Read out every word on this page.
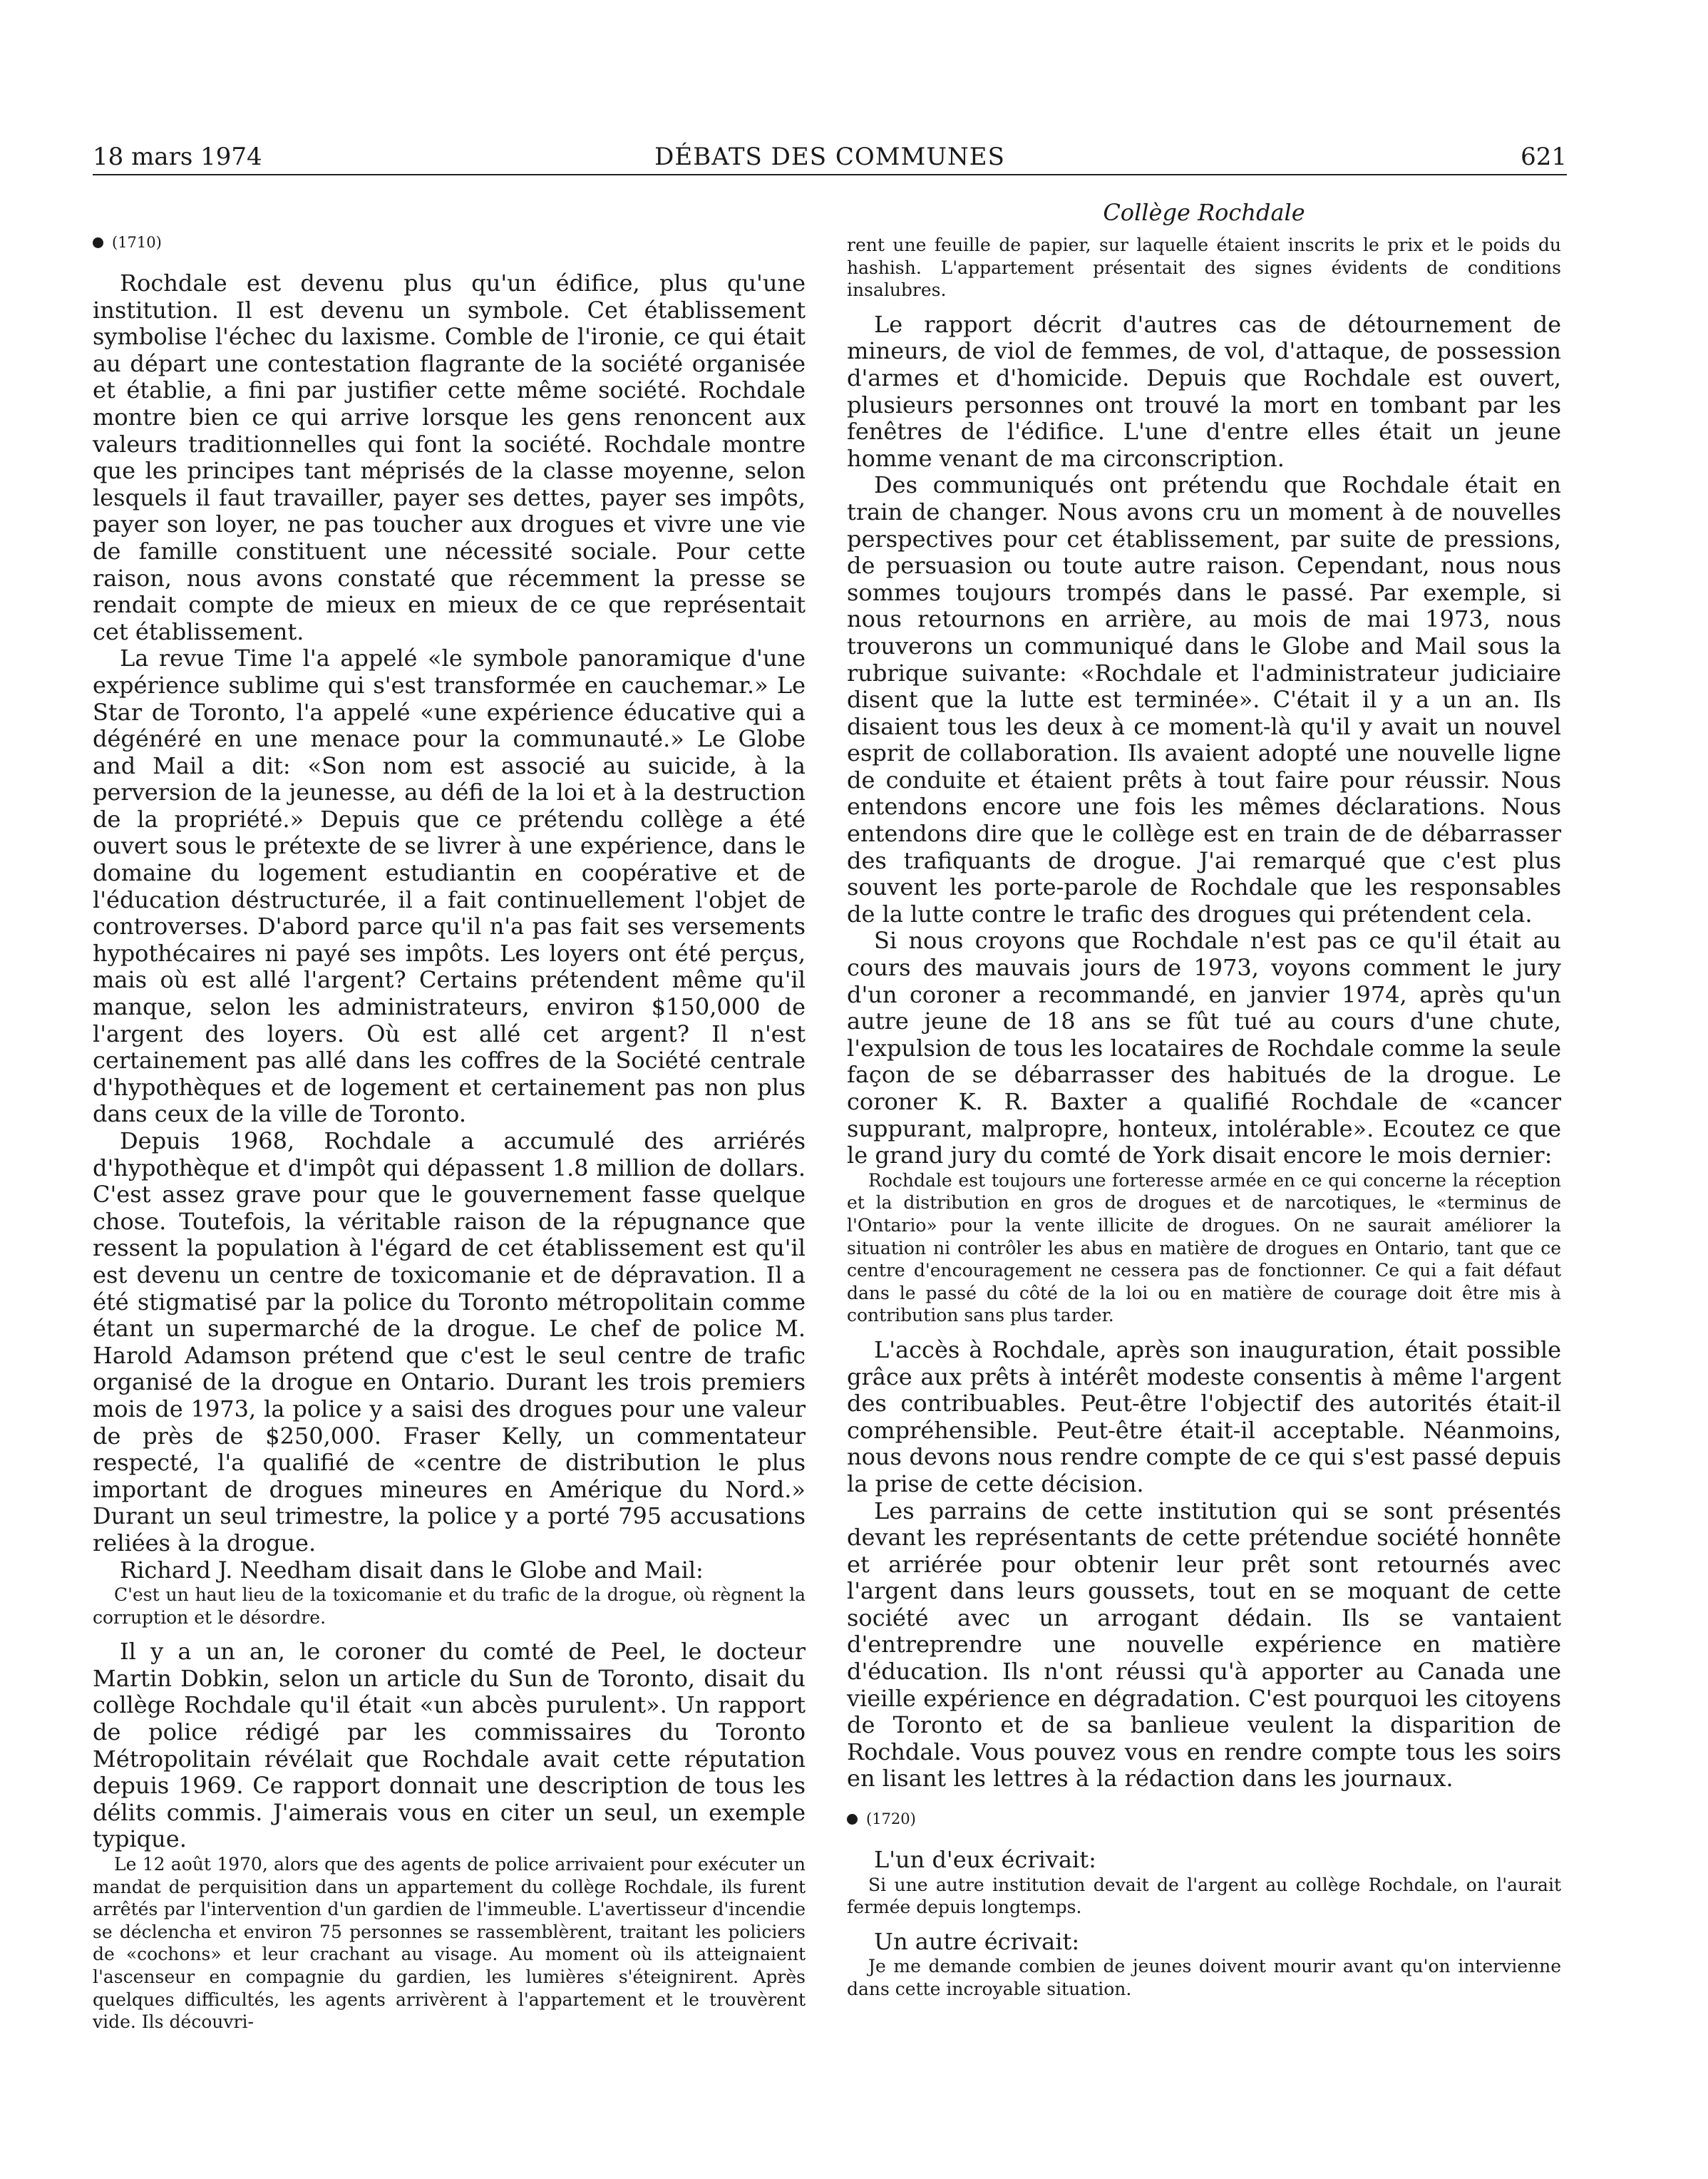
18 mars 1974	DÉBATS DES COMMUNES	621
(1710)

Rochdale est devenu plus qu'un édifice, plus qu'une institution. Il est devenu un symbole. Cet établissement symbolise l'échec du laxisme. Comble de l'ironie, ce qui était au départ une contestation flagrante de la société organisée et établie, a fini par justifier cette même société. Rochdale montre bien ce qui arrive lorsque les gens renoncent aux valeurs traditionnelles qui font la société. Rochdale montre que les principes tant méprisés de la classe moyenne, selon lesquels il faut travailler, payer ses dettes, payer ses impôts, payer son loyer, ne pas toucher aux drogues et vivre une vie de famille constituent une nécessité sociale. Pour cette raison, nous avons constaté que récemment la presse se rendait compte de mieux en mieux de ce que représentait cet établissement.

La revue Time l'a appelé «le symbole panoramique d'une expérience sublime qui s'est transformée en cauchemar.» Le Star de Toronto, l'a appelé «une expérience éducative qui a dégénéré en une menace pour la communauté.» Le Globe and Mail a dit: «Son nom est associé au suicide, à la perversion de la jeunesse, au défi de la loi et à la destruction de la propriété.» Depuis que ce prétendu collège a été ouvert sous le prétexte de se livrer à une expérience, dans le domaine du logement estudiantin en coopérative et de l'éducation déstructurée, il a fait continuellement l'objet de controverses. D'abord parce qu'il n'a pas fait ses versements hypothécaires ni payé ses impôts. Les loyers ont été perçus, mais où est allé l'argent? Certains prétendent même qu'il manque, selon les administrateurs, environ $150,000 de l'argent des loyers. Où est allé cet argent? Il n'est certainement pas allé dans les coffres de la Société centrale d'hypothèques et de logement et certainement pas non plus dans ceux de la ville de Toronto.

Depuis 1968, Rochdale a accumulé des arriérés d'hypothèque et d'impôt qui dépassent 1.8 million de dollars. C'est assez grave pour que le gouvernement fasse quelque chose. Toutefois, la véritable raison de la répugnance que ressent la population à l'égard de cet établissement est qu'il est devenu un centre de toxicomanie et de dépravation. Il a été stigmatisé par la police du Toronto métropolitain comme étant un supermarché de la drogue. Le chef de police M. Harold Adamson prétend que c'est le seul centre de trafic organisé de la drogue en Ontario. Durant les trois premiers mois de 1973, la police y a saisi des drogues pour une valeur de près de $250,000. Fraser Kelly, un commentateur respecté, l'a qualifié de «centre de distribution le plus important de drogues mineures en Amérique du Nord.» Durant un seul trimestre, la police y a porté 795 accusations reliées à la drogue.

Richard J. Needham disait dans le Globe and Mail:

C'est un haut lieu de la toxicomanie et du trafic de la drogue, où règnent la corruption et le désordre.

Il y a un an, le coroner du comté de Peel, le docteur Martin Dobkin, selon un article du Sun de Toronto, disait du collège Rochdale qu'il était «un abcès purulent». Un rapport de police rédigé par les commissaires du Toronto Métropolitain révélait que Rochdale avait cette réputation depuis 1969. Ce rapport donnait une description de tous les délits commis. J'aimerais vous en citer un seul, un exemple typique.

Le 12 août 1970, alors que des agents de police arrivaient pour exécuter un mandat de perquisition dans un appartement du collège Rochdale, ils furent arrêtés par l'intervention d'un gardien de l'immeuble. L'avertisseur d'incendie se déclencha et environ 75 personnes se rassemblèrent, traitant les policiers de «cochons» et leur crachant au visage. Au moment où ils atteignaient l'ascenseur en compagnie du gardien, les lumières s'éteignirent. Après quelques difficultés, les agents arrivèrent à l'appartement et le trouvèrent vide. Ils découvri-

Collège Rochdale

rent une feuille de papier, sur laquelle étaient inscrits le prix et le poids du hashish. L'appartement présentait des signes évidents de conditions insalubres.

Le rapport décrit d'autres cas de détournement de mineurs, de viol de femmes, de vol, d'attaque, de possession d'armes et d'homicide. Depuis que Rochdale est ouvert, plusieurs personnes ont trouvé la mort en tombant par les fenêtres de l'édifice. L'une d'entre elles était un jeune homme venant de ma circonscription.

Des communiqués ont prétendu que Rochdale était en train de changer. Nous avons cru un moment à de nouvelles perspectives pour cet établissement, par suite de pressions, de persuasion ou toute autre raison. Cependant, nous nous sommes toujours trompés dans le passé. Par exemple, si nous retournons en arrière, au mois de mai 1973, nous trouverons un communiqué dans le Globe and Mail sous la rubrique suivante: «Rochdale et l'administrateur judiciaire disent que la lutte est terminée». C'était il y a un an. Ils disaient tous les deux à ce moment-là qu'il y avait un nouvel esprit de collaboration. Ils avaient adopté une nouvelle ligne de conduite et étaient prêts à tout faire pour réussir. Nous entendons encore une fois les mêmes déclarations. Nous entendons dire que le collège est en train de de débarrasser des trafiquants de drogue. J'ai remarqué que c'est plus souvent les porte-parole de Rochdale que les responsables de la lutte contre le trafic des drogues qui prétendent cela.

Si nous croyons que Rochdale n'est pas ce qu'il était au cours des mauvais jours de 1973, voyons comment le jury d'un coroner a recommandé, en janvier 1974, après qu'un autre jeune de 18 ans se fût tué au cours d'une chute, l'expulsion de tous les locataires de Rochdale comme la seule façon de se débarrasser des habitués de la drogue. Le coroner K. R. Baxter a qualifié Rochdale de «cancer suppurant, malpropre, honteux, intolérable». Ecoutez ce que le grand jury du comté de York disait encore le mois dernier:

Rochdale est toujours une forteresse armée en ce qui concerne la réception et la distribution en gros de drogues et de narcotiques, le «terminus de l'Ontario» pour la vente illicite de drogues. On ne saurait améliorer la situation ni contrôler les abus en matière de drogues en Ontario, tant que ce centre d'encouragement ne cessera pas de fonctionner. Ce qui a fait défaut dans le passé du côté de la loi ou en matière de courage doit être mis à contribution sans plus tarder.

L'accès à Rochdale, après son inauguration, était possible grâce aux prêts à intérêt modeste consentis à même l'argent des contribuables. Peut-être l'objectif des autorités était-il compréhensible. Peut-être était-il acceptable. Néanmoins, nous devons nous rendre compte de ce qui s'est passé depuis la prise de cette décision.

Les parrains de cette institution qui se sont présentés devant les représentants de cette prétendue société honnête et arriérée pour obtenir leur prêt sont retournés avec l'argent dans leurs goussets, tout en se moquant de cette société avec un arrogant dédain. Ils se vantaient d'entreprendre une nouvelle expérience en matière d'éducation. Ils n'ont réussi qu'à apporter au Canada une vieille expérience en dégradation. C'est pourquoi les citoyens de Toronto et de sa banlieue veulent la disparition de Rochdale. Vous pouvez vous en rendre compte tous les soirs en lisant les lettres à la rédaction dans les journaux.

(1720)

L'un d'eux écrivait:

Si une autre institution devait de l'argent au collège Rochdale, on l'aurait fermée depuis longtemps.

Un autre écrivait:

Je me demande combien de jeunes doivent mourir avant qu'on intervienne dans cette incroyable situation.
